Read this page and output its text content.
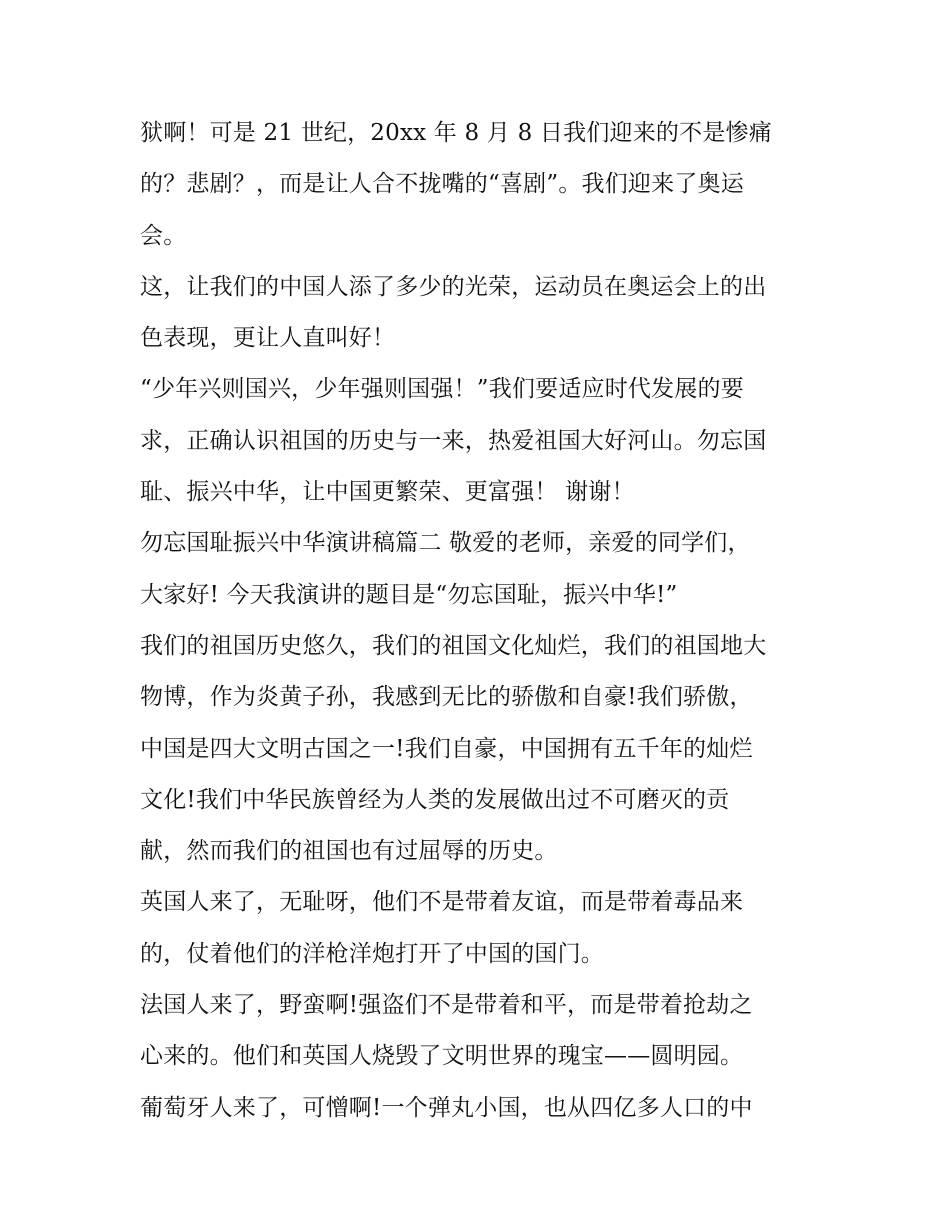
狱啊！可是 21 世纪，20xx 年 8 月 8 日我们迎来的不是惨痛
的？悲剧？，而是让人合不拢嘴的“喜剧”。我们迎来了奥运
会。
这，让我们的中国人添了多少的光荣，运动员在奥运会上的出
色表现，更让人直叫好！
“少年兴则国兴，少年强则国强！”我们要适应时代发展的要
求，正确认识祖国的历史与一来，热爱祖国大好河山。勿忘国
耻、振兴中华，让中国更繁荣、更富强！ 谢谢！
勿忘国耻振兴中华演讲稿篇二 敬爱的老师，亲爱的同学们，
大家好! 今天我演讲的题目是“勿忘国耻，振兴中华!”
我们的祖国历史悠久，我们的祖国文化灿烂，我们的祖国地大
物博，作为炎黄子孙，我感到无比的骄傲和自豪!我们骄傲，
中国是四大文明古国之一!我们自豪，中国拥有五千年的灿烂
文化!我们中华民族曾经为人类的发展做出过不可磨灭的贡
献，然而我们的祖国也有过屈辱的历史。
英国人来了，无耻呀，他们不是带着友谊，而是带着毒品来
的，仗着他们的洋枪洋炮打开了中国的国门。
法国人来了，野蛮啊!强盗们不是带着和平，而是带着抢劫之
心来的。他们和英国人烧毁了文明世界的瑰宝——圆明园。
葡萄牙人来了，可憎啊!一个弹丸小国，也从四亿多人口的中
